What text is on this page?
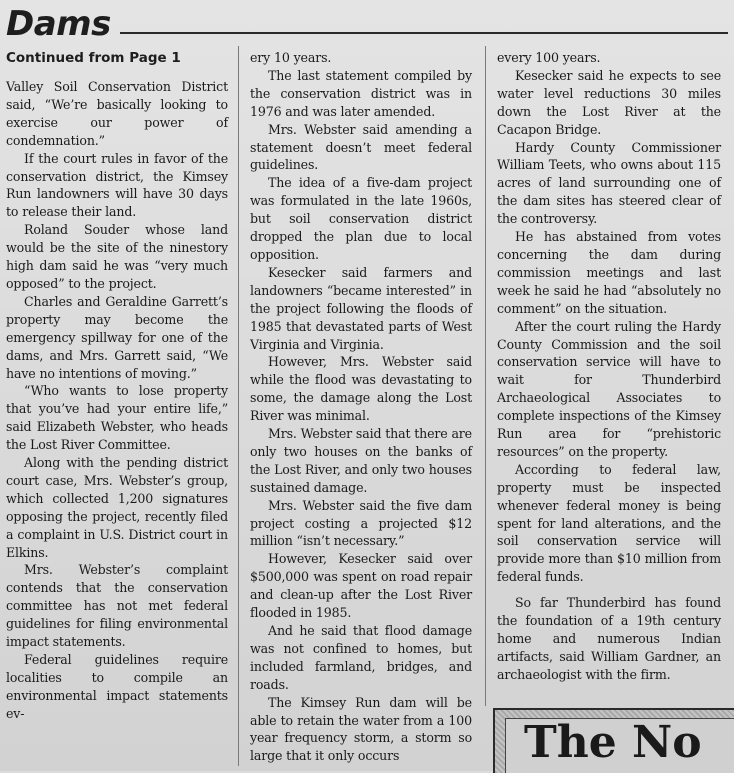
Dams
Continued from Page 1

Valley Soil Conservation District said, “We’re basically looking to exercise our power of condemnation.”

If the court rules in favor of the conservation district, the Kimsey Run landowners will have 30 days to release their land.

Roland Souder whose land would be the site of the ninestory high dam said he was “very much opposed” to the project.

Charles and Geraldine Garrett’s property may become the emergency spillway for one of the dams, and Mrs. Garrett said, “We have no intentions of moving.”

“Who wants to lose property that you’ve had your entire life,” said Elizabeth Webster, who heads the Lost River Committee.

Along with the pending district court case, Mrs. Webster’s group, which collected 1,200 signatures opposing the project, recently filed a complaint in U.S. District court in Elkins.

Mrs. Webster’s complaint contends that the conservation committee has not met federal guidelines for filing environmental impact statements.

Federal guidelines require localities to compile an environmental impact statements ev-

ery 10 years.

The last statement compiled by the conservation district was in 1976 and was later amended.

Mrs. Webster said amending a statement doesn’t meet federal guidelines.

The idea of a five-dam project was formulated in the late 1960s, but soil conservation district dropped the plan due to local opposition.

Kesecker said farmers and landowners “became interested” in the project following the floods of 1985 that devastated parts of West Virginia and Virginia.

However, Mrs. Webster said while the flood was devastating to some, the damage along the Lost River was minimal.

Mrs. Webster said that there are only two houses on the banks of the Lost River, and only two houses sustained damage.

Mrs. Webster said the five dam project costing a projected $12 million “isn’t necessary.”

However, Kesecker said over $500,000 was spent on road repair and clean-up after the Lost River flooded in 1985.

And he said that flood damage was not confined to homes, but included farmland, bridges, and roads.

The Kimsey Run dam will be able to retain the water from a 100 year frequency storm, a storm so large that it only occurs

every 100 years.

Kesecker said he expects to see water level reductions 30 miles down the Lost River at the Cacapon Bridge.

Hardy County Commissioner William Teets, who owns about 115 acres of land surrounding one of the dam sites has steered clear of the controversy.

He has abstained from votes concerning the dam during commission meetings and last week he said he had “absolutely no comment” on the situation.

After the court ruling the Hardy County Commission and the soil conservation service will have to wait for Thunderbird Archaeological Associates to complete inspections of the Kimsey Run area for “prehistoric resources” on the property.

According to federal law, property must be inspected whenever federal money is being spent for land alterations, and the soil conservation service will provide more than $10 million from federal funds.

So far Thunderbird has found the foundation of a 19th century home and numerous Indian artifacts, said William Gardner, an archaeologist with the firm.

The No
